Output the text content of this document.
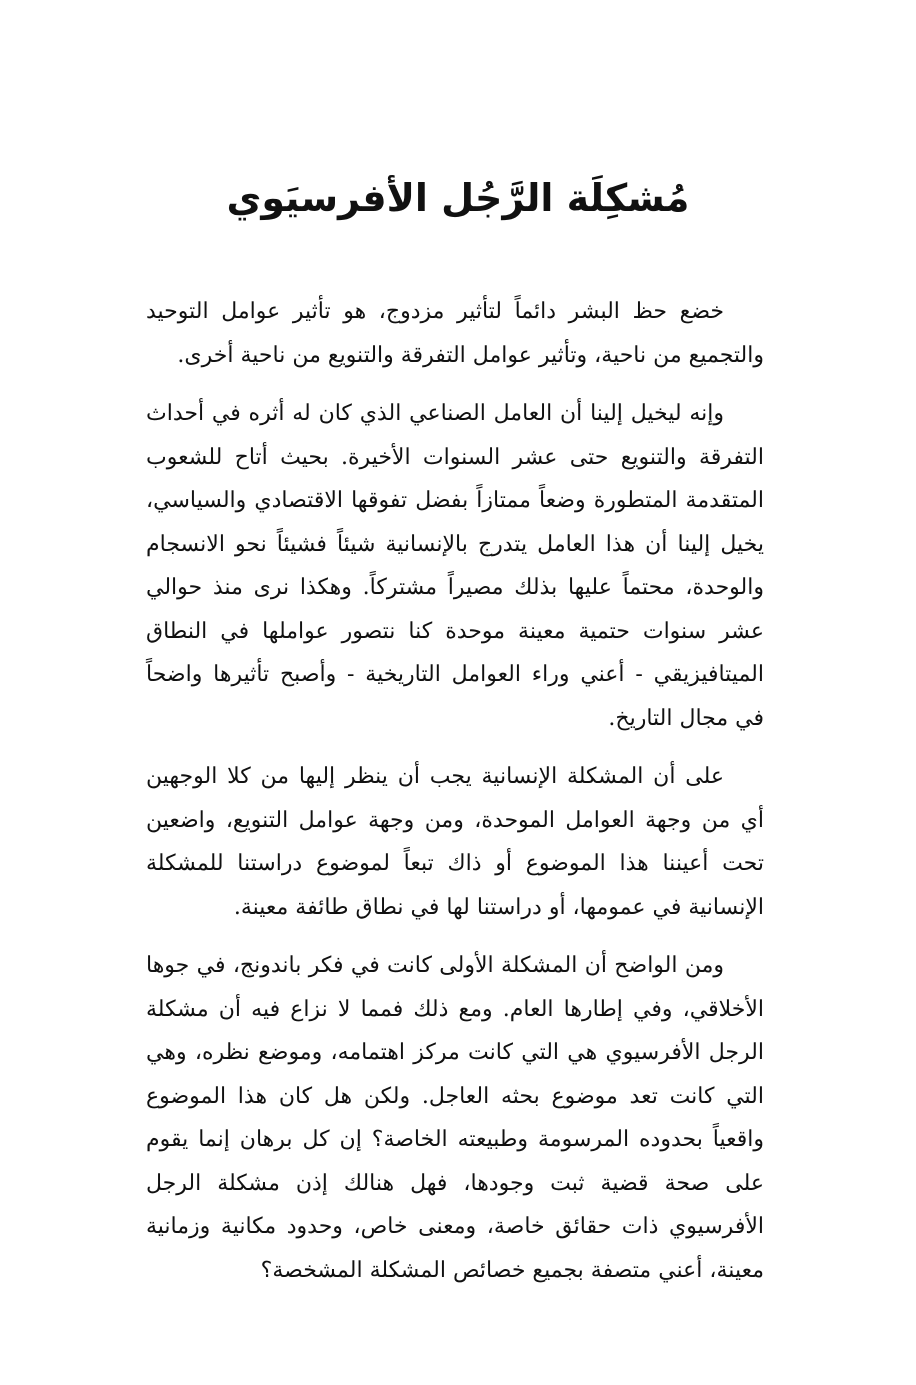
مُشكِلَة الرَّجُل الأفرسيَوي

خضع حظ البشر دائماً لتأثير مزدوج، هو تأثير عوامل التوحيد والتجميع من ناحية، وتأثير عوامل التفرقة والتنويع من ناحية أخرى.

وإنه ليخيل إلينا أن العامل الصناعي الذي كان له أثره في أحداث التفرقة والتنويع حتى عشر السنوات الأخيرة. بحيث أتاح للشعوب المتقدمة المتطورة وضعاً ممتازاً بفضل تفوقها الاقتصادي والسياسي، يخيل إلينا أن هذا العامل يتدرج بالإنسانية شيئاً فشيئاً نحو الانسجام والوحدة، محتماً عليها بذلك مصيراً مشتركاً. وهكذا نرى منذ حوالي عشر سنوات حتمية معينة موحدة كنا نتصور عواملها في النطاق الميتافيزيقي - أعني وراء العوامل التاريخية - وأصبح تأثيرها واضحاً في مجال التاريخ.

على أن المشكلة الإنسانية يجب أن ينظر إليها من كلا الوجهين أي من وجهة العوامل الموحدة، ومن وجهة عوامل التنويع، واضعين تحت أعيننا هذا الموضوع أو ذاك تبعاً لموضوع دراستنا للمشكلة الإنسانية في عمومها، أو دراستنا لها في نطاق طائفة معينة.

ومن الواضح أن المشكلة الأولى كانت في فكر باندونج، في جوها الأخلاقي، وفي إطارها العام. ومع ذلك فمما لا نزاع فيه أن مشكلة الرجل الأفرسيوي هي التي كانت مركز اهتمامه، وموضع نظره، وهي التي كانت تعد موضوع بحثه العاجل. ولكن هل كان هذا الموضوع واقعياً بحدوده المرسومة وطبيعته الخاصة؟ إن كل برهان إنما يقوم على صحة قضية ثبت وجودها، فهل هنالك إذن مشكلة الرجل الأفرسيوي ذات حقائق خاصة، ومعنى خاص، وحدود مكانية وزمانية معينة، أعني متصفة بجميع خصائص المشكلة المشخصة؟
